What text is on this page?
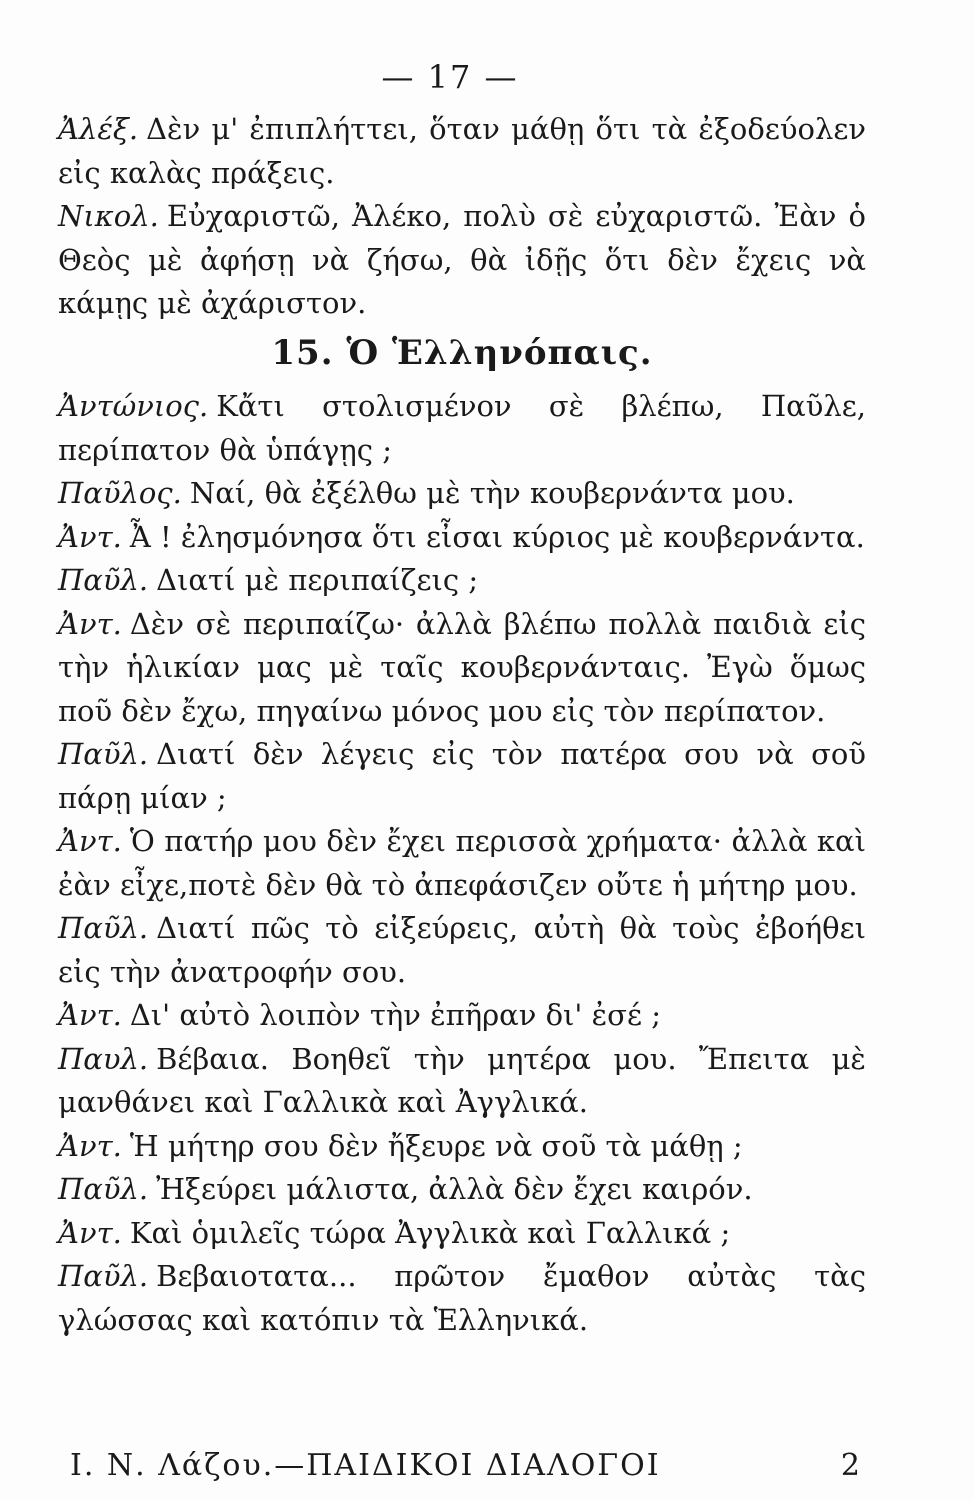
— 17 —

Ἀλέξ. Δὲν μ' ἐπιπλήττει, ὅταν μάθῃ ὅτι τὰ ἐξοδεύολεν εἰς καλὰς πράξεις.

Νικολ. Εὐχαριστῶ, Ἀλέκο, πολὺ σὲ εὐχαριστῶ. Ἐὰν ὁ Θεὸς μὲ ἀφήσῃ νὰ ζήσω, θὰ ἰδῇς ὅτι δὲν ἔχεις νὰ κάμῃς μὲ ἀχάριστον.

15. Ὁ Ἑλληνόπαις.

Ἀντώνιος. Κἄτι στολισμένον σὲ βλέπω, Παῦλε, περίπατον θὰ ὑπάγῃς ;

Παῦλος. Ναί, θὰ ἐξέλθω μὲ τὴν κουβερνάντα μου.

Ἀντ. Ἆ ! ἐλησμόνησα ὅτι εἶσαι κύριος μὲ κουβερνάντα.

Παῦλ. Διατί μὲ περιπαίζεις ;

Ἀντ. Δὲν σὲ περιπαίζω· ἀλλὰ βλέπω πολλὰ παιδιὰ εἰς τὴν ἡλικίαν μας μὲ ταῖς κουβερνάνταις. Ἐγὼ ὅμως ποῦ δὲν ἔχω, πηγαίνω μόνος μου εἰς τὸν περίπατον.

Παῦλ. Διατί δὲν λέγεις εἰς τὸν πατέρα σου νὰ σοῦ πάρῃ μίαν ;

Ἀντ. Ὁ πατήρ μου δὲν ἔχει περισσὰ χρήματα· ἀλλὰ καὶ ἐὰν εἶχε,ποτὲ δὲν θὰ τὸ ἀπεφάσιζεν οὔτε ἡ μήτηρ μου.

Παῦλ. Διατί πῶς τὸ εἰξεύρεις, αὐτὴ θὰ τοὺς ἐβοήθει εἰς τὴν ἀνατροφήν σου.

Ἀντ. Δι' αὐτὸ λοιπὸν τὴν ἐπῆραν δι' ἐσέ ;

Παυλ. Βέβαια. Βοηθεῖ τὴν μητέρα μου. Ἔπειτα μὲ μανθάνει καὶ Γαλλικὰ καὶ Ἀγγλικά.

Ἀντ. Ἡ μήτηρ σου δὲν ἤξευρε νὰ σοῦ τὰ μάθῃ ;

Παῦλ. Ἠξεύρει μάλιστα, ἀλλὰ δὲν ἔχει καιρόν.

Ἀντ. Καὶ ὁμιλεῖς τώρα Ἀγγλικὰ καὶ Γαλλικά ;

Παῦλ. Βεβαιοτατα... πρῶτον ἔμαθον αὐτὰς τὰς γλώσσας καὶ κατόπιν τὰ Ἑλληνικά.

Ι. Ν. Λάζου.—ΠΑΙΔΙΚΟΙ ΔΙΑΛΟΓΟΙ	2
